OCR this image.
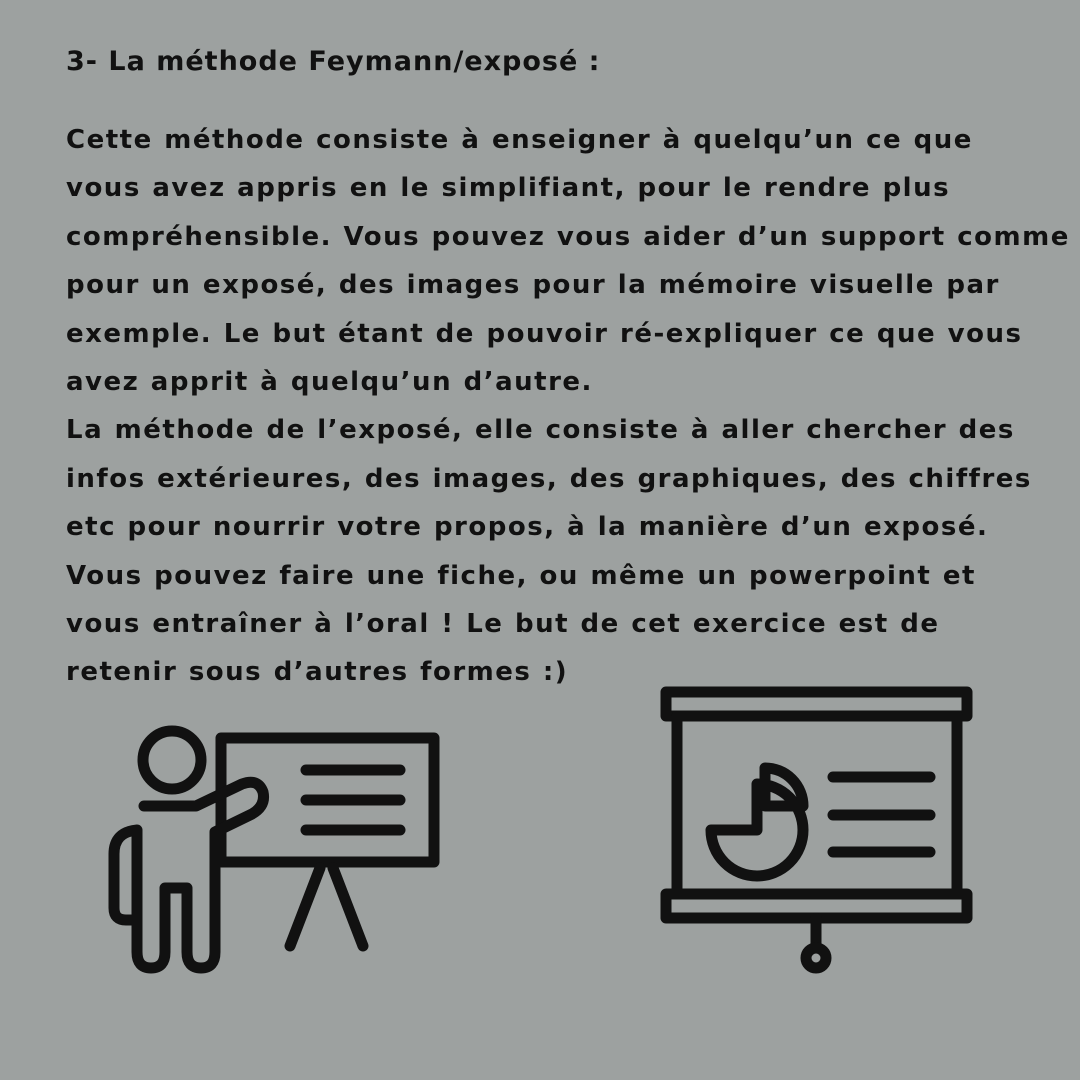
3- La méthode Feymann/exposé :

Cette méthode consiste à enseigner à quelqu’un ce que
vous avez appris en le simplifiant, pour le rendre plus
compréhensible. Vous pouvez vous aider d’un support comme
pour un exposé, des images pour la mémoire visuelle par
exemple. Le but étant de pouvoir ré-expliquer ce que vous
avez apprit à quelqu’un d’autre.
La méthode de l’exposé, elle consiste à aller chercher des
infos extérieures, des images, des graphiques, des chiffres
etc pour nourrir votre propos, à la manière d’un exposé.
Vous pouvez faire une fiche, ou même un powerpoint et
vous entraîner à l’oral ! Le but de cet exercice est de
retenir sous d’autres formes :)
